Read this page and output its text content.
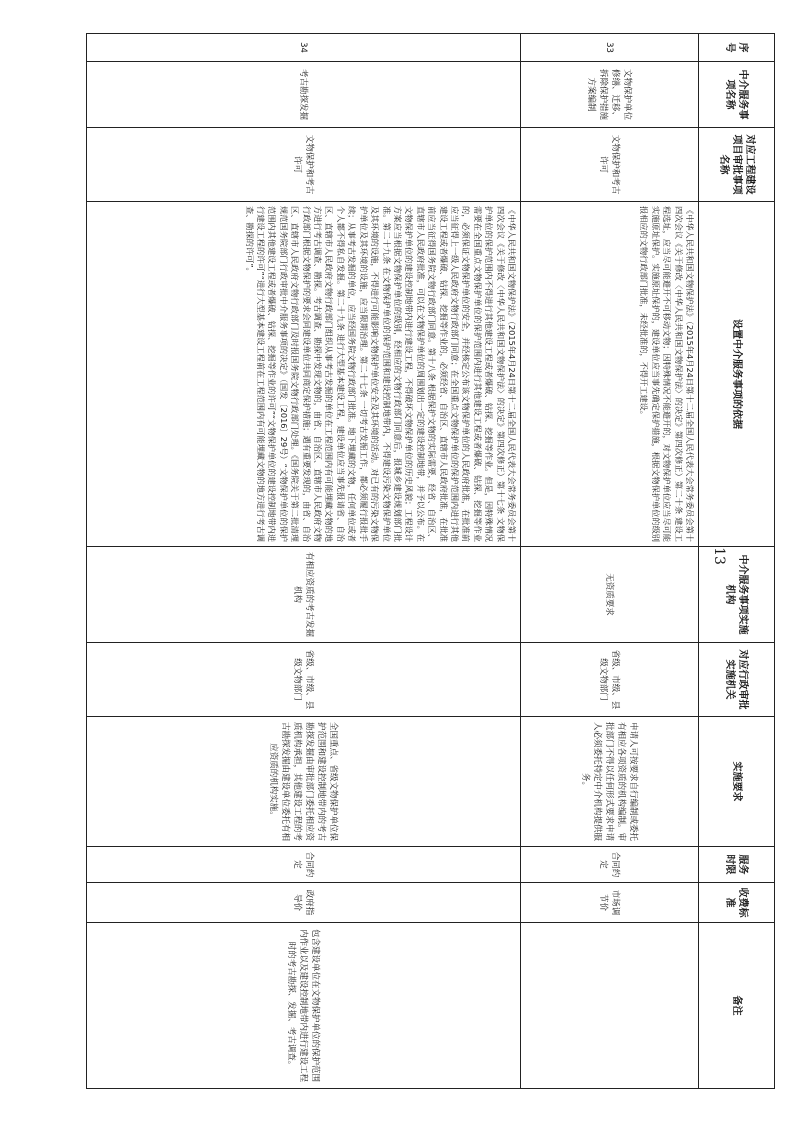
序号	中介服务事项名称	对应工程建设项目审批事项名称	设置中介服务事项的依据	中介服务事项实施机构	对应行政审批实施机关	实施要求	服务时限	收费标准	备注
33	文物保护单位修缮、迁移、拆除保护措施方案编制	文物保护和考古许可	《中华人民共和国文物保护法》（2015年4月24日第十二届全国人民代表大会常务委员会第十四次会议《关于修改〈中华人民共和国文物保护法〉的决定》第四次修正）第二十条 建设工程选址，应当尽可能避开不可移动文物；因特殊情况不能避开的，对文物保护单位应当尽可能实施原址保护。实施原址保护的，建设单位应当事先确定保护措施，根据文物保护单位的级别报相应的文物行政部门批准，未经批准的，不得开工建设。	无资质要求	省级、市级、县级文物部门	申请人可按要求自行编制或委托有相应各项资质的机构编制。审批部门不得以任何形式要求申请人必须委托特定中介机构提供服务。	合同约定	市场调节价	
34	考古勘探发掘	文物保护和考古许可	《中华人民共和国文物保护法》（2015年4月24日第十二届全国人民代表大会常务委员会第十四次会议《关于修改〈中华人民共和国文物保护法〉的决定》第四次修正）第十七条 文物保护单位的保护范围内不得进行其他建设工程或者爆破、钻探、挖掘等作业。但是，因特殊情况需要在全国重点文物保护单位的保护范围内进行其他建设工程或者爆破、钻探、挖掘等作业的，必须保证文物保护单位的安全，并经核定公布该文物保护单位的人民政府批准，在批准前应当征得上一级人民政府文物行政部门同意；在全国重点文物保护单位的保护范围内进行其他建设工程或者爆破、钻探、挖掘等作业的，必须经省、自治区、直辖市人民政府批准，在批准前应当征得国务院文物行政部门同意。第十八条 根据保护文物的实际需要，经省、自治区、直辖市人民政府批准，可以在文物保护单位的周围划出一定的建设控制地带，并予以公布。在文物保护单位的建设控制地带内进行建设工程，不得破坏文物保护单位的历史风貌；工程设计方案应当根据文物保护单位的级别，经相应的文物行政部门同意后，报城乡建设规划部门批准。第二十九条 在文物保护单位的保护范围和建设控制地带内，不得建设污染文物保护单位及其环境的设施，不得进行可能影响文物保护单位安全及其环境的活动。对已有的污染文物保护单位及其环境的设施，应当限期治理。第二十七条 一切考古发掘工作，都必须履行报批手续；从事考古发掘的单位，应当经国务院文物行政部门批准。地下埋藏的文物，任何单位或者个人都不得私自发掘。第二十九条 进行大型基本建设工程，建设单位应当事先报请省、自治区、直辖市人民政府文物行政部门组织从事考古发掘的单位在工程范围内有可能埋藏文物的地方进行考古调查、勘探。考古调查、勘探中发现文物的，由省、自治区、直辖市人民政府文物行政部门根据文物保护的要求会同建设单位共同商定保护措施；遇有重要发现的，由省、自治区、直辖市人民政府文物行政部门及时报国务院文物行政部门处理。《国务院关于第二批清理规范国务院部门行政审批中介服务事项的决定》（国发〔2016〕29号）“文物保护单位的保护范围内其他建设工程或者爆破、钻探、挖掘等作业的许可”“文物保护单位的建设控制地带内进行建设工程的许可”“进行大型基本建设工程前在工程范围内有可能埋藏文物的地方进行考古调查、勘探的许可”。	有相应资质的考古发掘机构	省级、市级、县级文物部门	全国重点、省级文物保护单位保护范围和建设控制地带内的考古勘探发掘由审批部门委托相应资质机构承担，其他建设工程的考古勘探发掘由建设单位委托有相应资质的机构实施。	合同约定	政府指导价	包含建设单位在文物保护单位的保护范围内作业以及建设控制地带内进行建设工程时的考古勘探、发掘、考古调查。
13
